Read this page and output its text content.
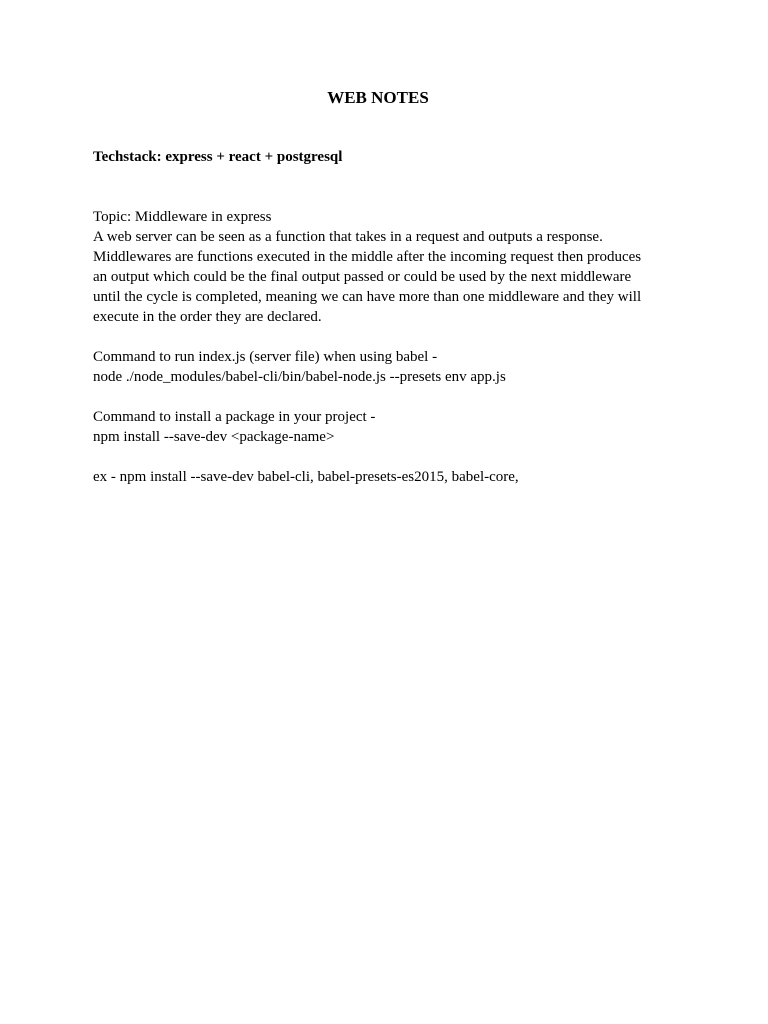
WEB NOTES
Techstack: express + react + postgresql
Topic: Middleware in express
A web server can be seen as a function that takes in a request and outputs a response.
Middlewares are functions executed in the middle after the incoming request then produces
an output which could be the final output passed or could be used by the next middleware
until the cycle is completed, meaning we can have more than one middleware and they will
execute in the order they are declared.
Command to run index.js (server file) when using babel -
node ./node_modules/babel-cli/bin/babel-node.js --presets env app.js
Command to install a package in your project -
npm install --save-dev <package-name>
ex - npm install --save-dev babel-cli, babel-presets-es2015, babel-core,
